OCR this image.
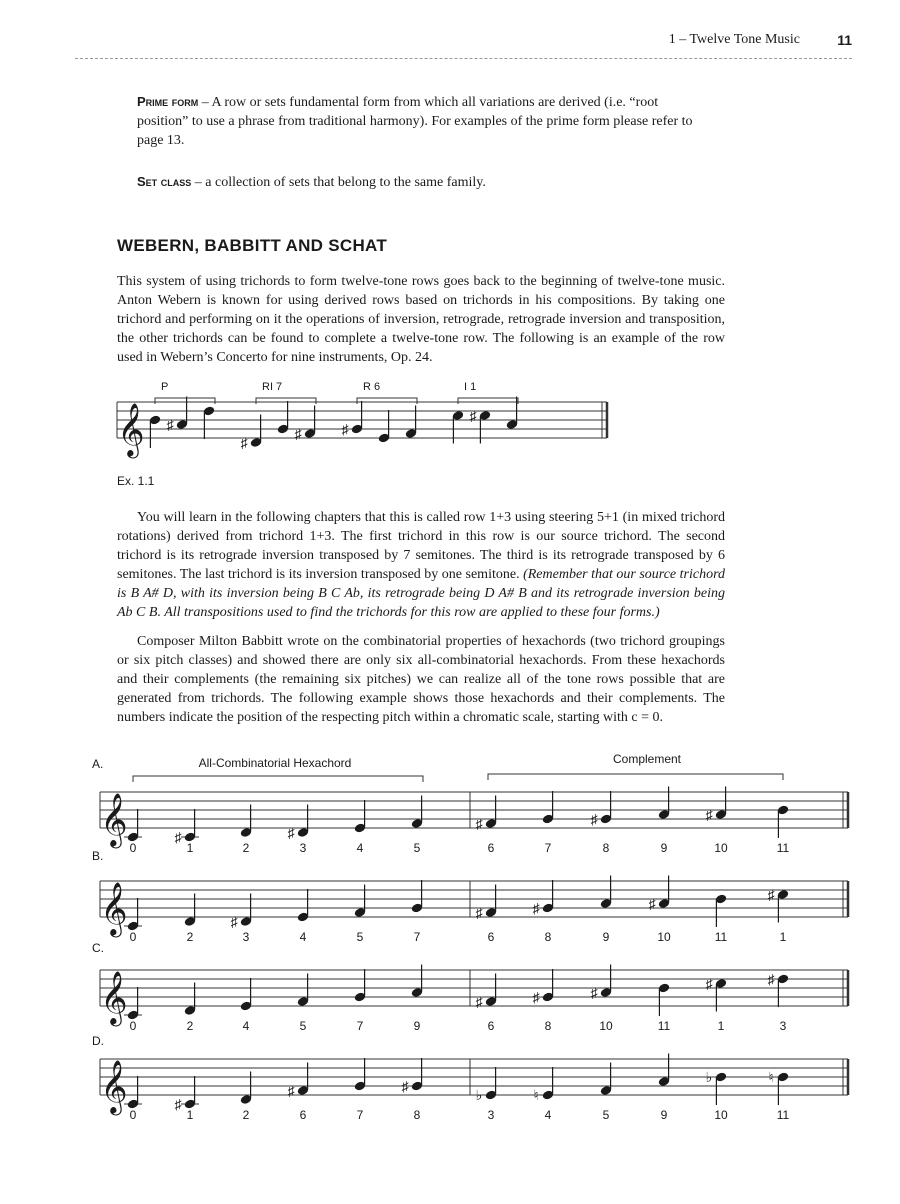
1 – Twelve Tone Music	11

Prime form – A row or sets fundamental form from which all variations are derived (i.e. “root position” to use a phrase from traditional harmony). For examples of the prime form please refer to page 13.

Set class – a collection of sets that belong to the same family.

WEBERN, BABBITT AND SCHAT

This system of using trichords to form twelve-tone rows goes back to the beginning of twelve-tone music. Anton Webern is known for using derived rows based on trichords in his compositions. By taking one trichord and performing on it the operations of inversion, retrograde, retrograde inversion and transposition, the other trichords can be found to complete a twelve-tone row. The following is an example of the row used in Webern’s Concerto for nine instruments, Op. 24.

Ex. 1.1

You will learn in the following chapters that this is called row 1+3 using steering 5+1 (in mixed trichord rotations) derived from trichord 1+3. The first trichord in this row is our source trichord. The second trichord is its retrograde inversion transposed by 7 semitones. The third is its retrograde transposed by 6 semitones. The last trichord is its inversion transposed by one semitone. (Remember that our source trichord is B A# D, with its inversion being B C Ab, its retrograde being D A# B and its retrograde inversion being Ab C B. All transpositions used to find the trichords for this row are applied to these four forms.)

Composer Milton Babbitt wrote on the combinatorial properties of hexachords (two trichord groupings or six pitch classes) and showed there are only six all-combinatorial hexachords. From these hexachords and their complements (the remaining six pitches) we can realize all of the tone rows possible that are generated from trichords. The following example shows those hexachords and their complements. The numbers indicate the position of the respecting pitch within a chromatic scale, starting with c = 0.

𝄞 ♯
P
♯
♯
RI 7
♯
R 6
♯
I 1
All-Combinatorial Hexachord	Complement
A.
𝄞
0
♯
1	2
♯
3	4	5
♯
6	7
♯
8	9
♯
10	11
B.
𝄞
0	2
♯
3	4	5	7
♯
6
♯
8	9
♯
10	11
♯
1
C.
𝄞
0	2	4	5	7	9
♯
6
♯
8
♯
10	11
♯
1
♯
3
D.
𝄞
0
♯
1	2
♯
6	7
♯
8
♭
3
♮
4	5	9
♭
10
♮
11
